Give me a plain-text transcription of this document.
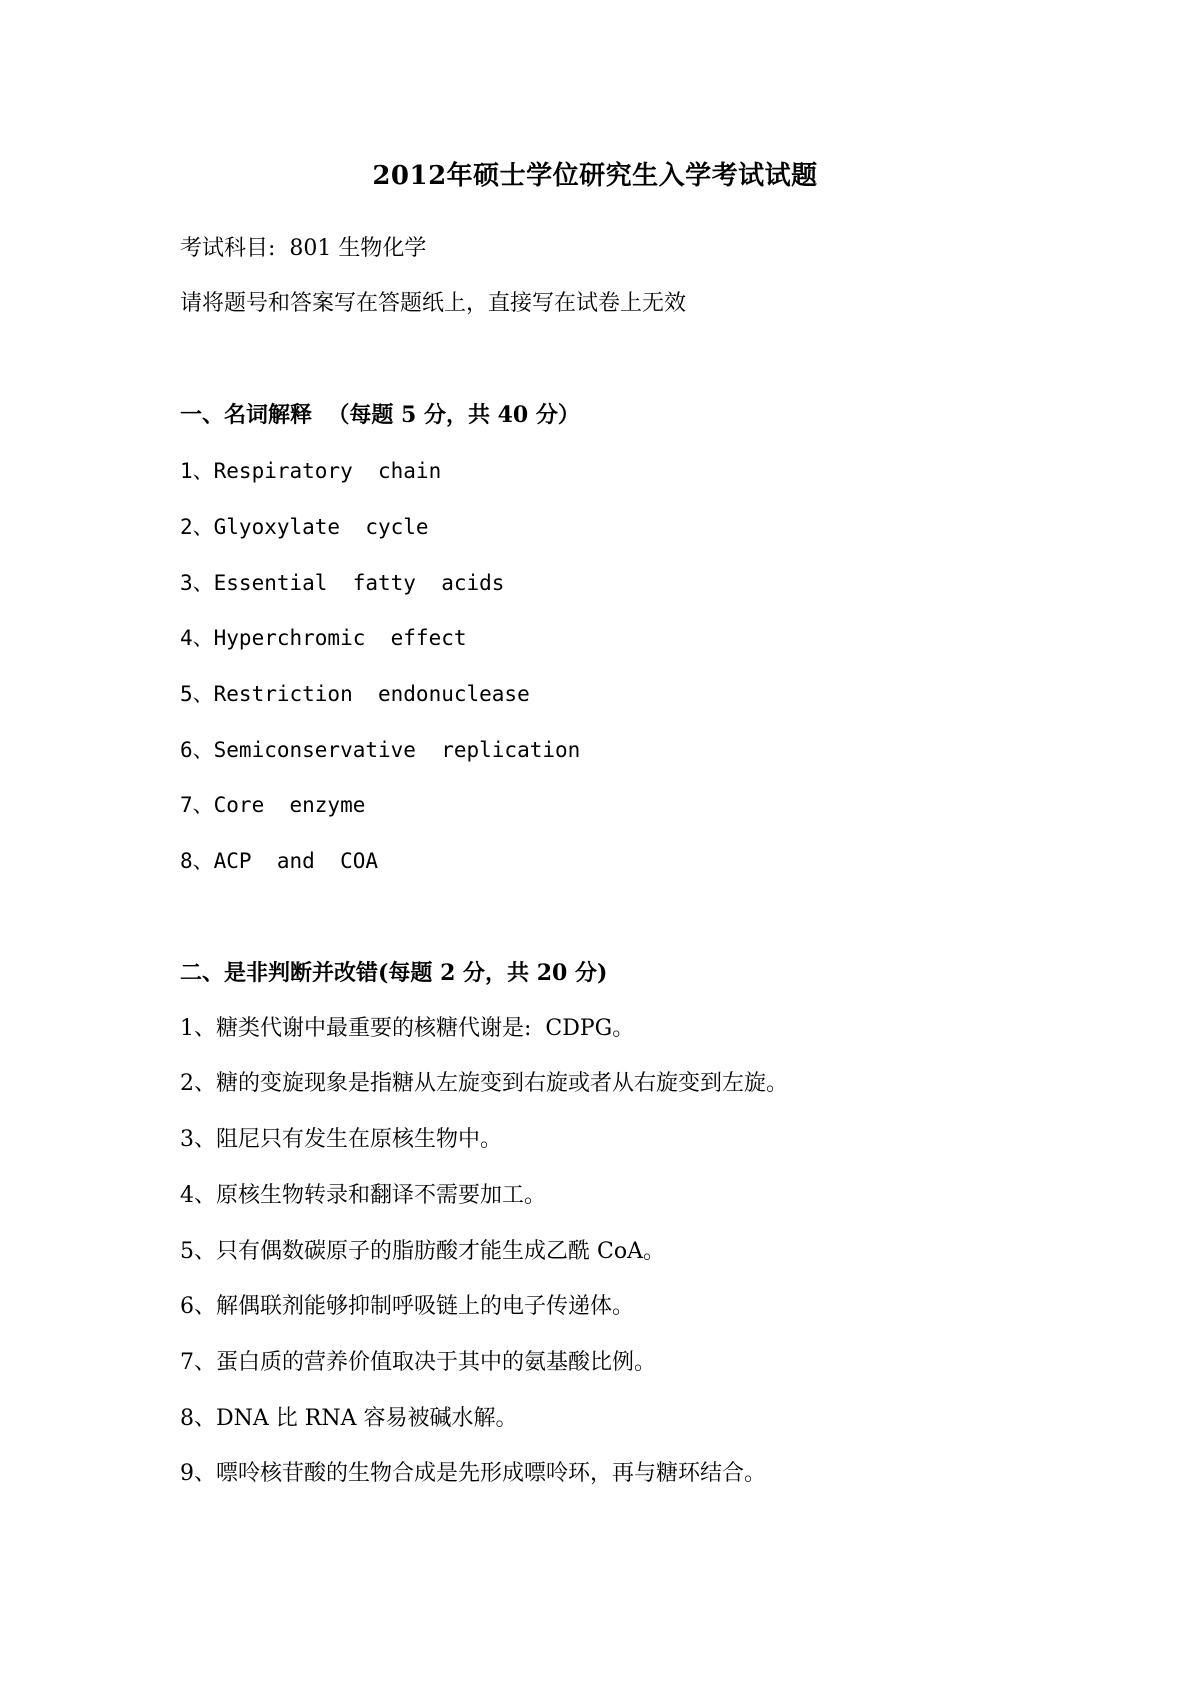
2012年硕士学位研究生入学考试试题
考试科目:  801 生物化学
请将题号和答案写在答题纸上，直接写在试卷上无效
一、名词解释  （每题 5 分，共 40 分）
1、Respiratory  chain
2、Glyoxylate  cycle
3、Essential  fatty  acids
4、Hyperchromic  effect
5、Restriction  endonuclease
6、Semiconservative  replication
7、Core  enzyme
8、ACP  and  COA
二、是非判断并改错(每题 2 分，共 20 分)
1、糖类代谢中最重要的核糖代谢是:  CDPG。
2、糖的变旋现象是指糖从左旋变到右旋或者从右旋变到左旋。
3、阻尼只有发生在原核生物中。
4、原核生物转录和翻译不需要加工。
5、只有偶数碳原子的脂肪酸才能生成乙酰 CoA。
6、解偶联剂能够抑制呼吸链上的电子传递体。
7、蛋白质的营养价值取决于其中的氨基酸比例。
8、DNA 比 RNA 容易被碱水解。
9、嘌呤核苷酸的生物合成是先形成嘌呤环，再与糖环结合。
